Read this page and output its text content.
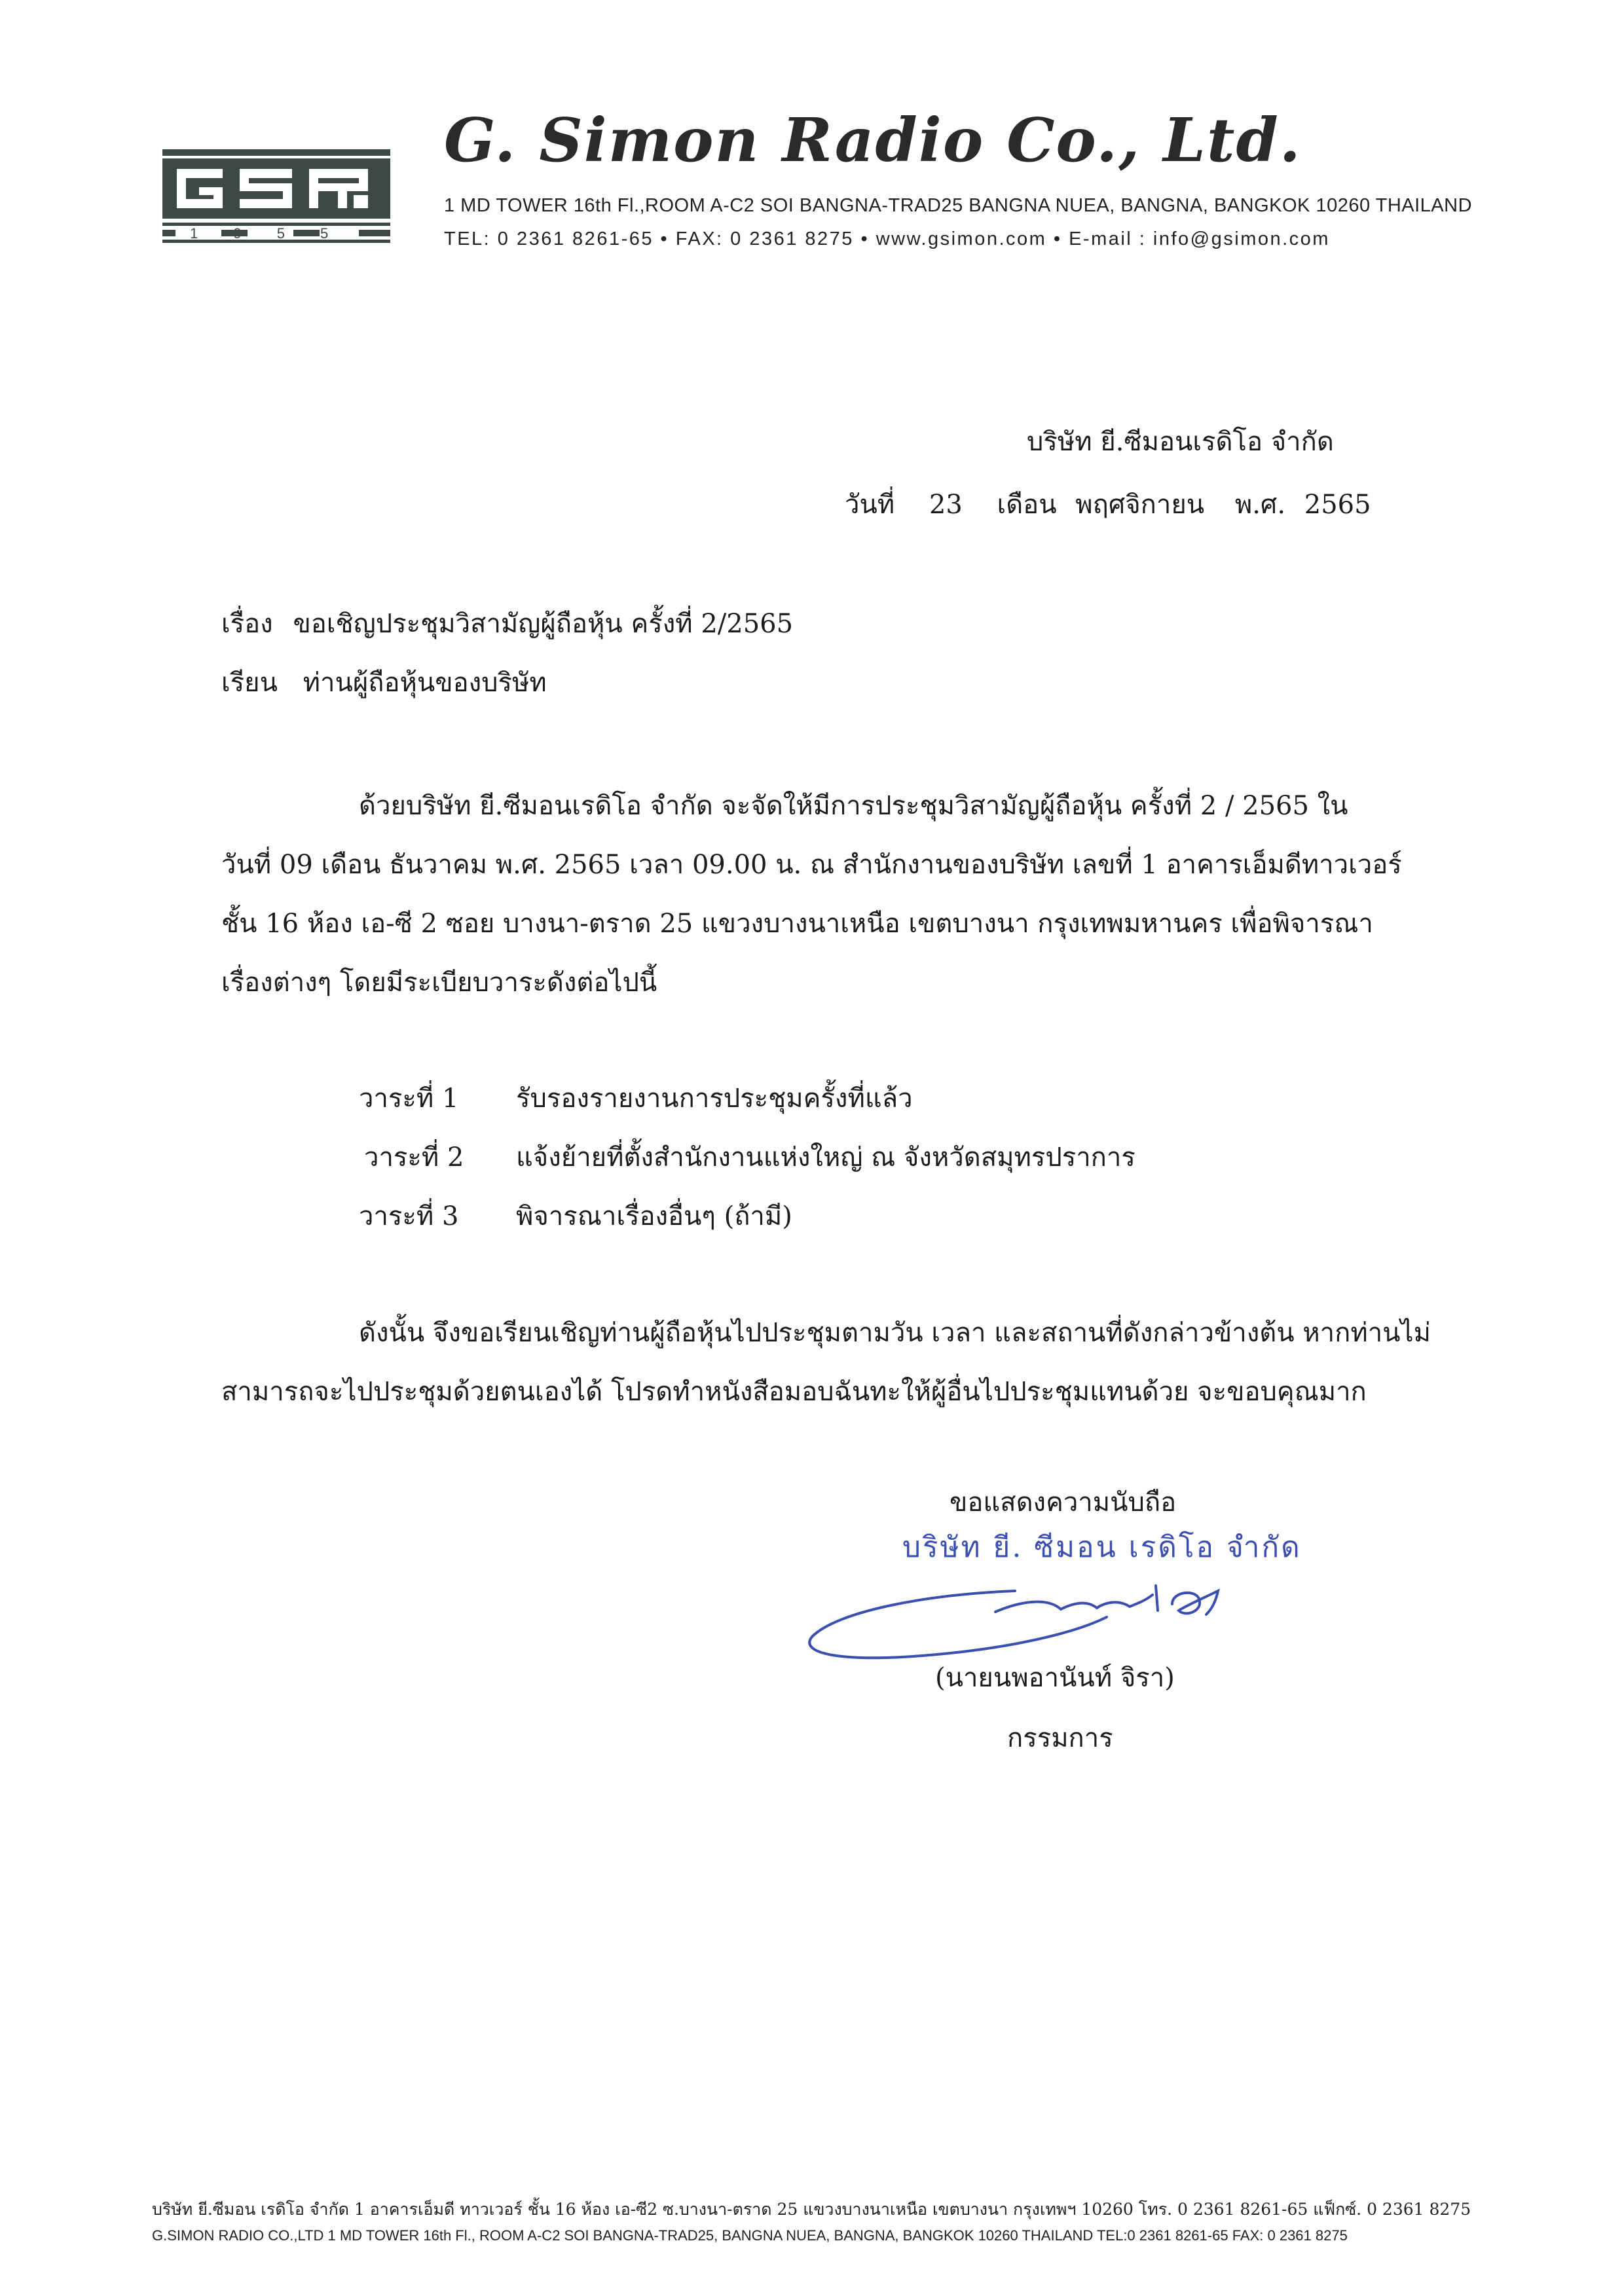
1 9 5 5
G. Simon Radio Co., Ltd.
1 MD TOWER 16th Fl.,ROOM A-C2 SOI BANGNA-TRAD25 BANGNA NUEA, BANGNA, BANGKOK 10260 THAILAND
TEL: 0 2361 8261-65 • FAX: 0 2361 8275 • www.gsimon.com • E-mail : info@gsimon.com
บริษัท ยี.ซีมอนเรดิโอ จำกัด
วันที่ 23 เดือน พฤศจิกายน พ.ศ. 2565
เรื่อง ขอเชิญประชุมวิสามัญผู้ถือหุ้น ครั้งที่ 2/2565
เรียน ท่านผู้ถือหุ้นของบริษัท
ด้วยบริษัท ยี.ซีมอนเรดิโอ จำกัด จะจัดให้มีการประชุมวิสามัญผู้ถือหุ้น ครั้งที่ 2 / 2565 ใน
วันที่ 09 เดือน ธันวาคม พ.ศ. 2565 เวลา 09.00 น. ณ สำนักงานของบริษัท เลขที่ 1 อาคารเอ็มดีทาวเวอร์
ชั้น 16 ห้อง เอ-ซี 2 ซอย บางนา-ตราด 25 แขวงบางนาเหนือ เขตบางนา กรุงเทพมหานคร เพื่อพิจารณา
เรื่องต่างๆ โดยมีระเบียบวาระดังต่อไปนี้
วาระที่ 1 รับรองรายงานการประชุมครั้งที่แล้ว
วาระที่ 2 แจ้งย้ายที่ตั้งสำนักงานแห่งใหญ่ ณ จังหวัดสมุทรปราการ
วาระที่ 3 พิจารณาเรื่องอื่นๆ (ถ้ามี)
ดังนั้น จึงขอเรียนเชิญท่านผู้ถือหุ้นไปประชุมตามวัน เวลา และสถานที่ดังกล่าวข้างต้น หากท่านไม่
สามารถจะไปประชุมด้วยตนเองได้ โปรดทำหนังสือมอบฉันทะให้ผู้อื่นไปประชุมแทนด้วย จะขอบคุณมาก
ขอแสดงความนับถือ
บริษัท ยี. ซีมอน เรดิโอ จำกัด
(นายนพอานันท์ จิรา)
กรรมการ
บริษัท ยี.ซีมอน เรดิโอ จำกัด 1 อาคารเอ็มดี ทาวเวอร์ ชั้น 16 ห้อง เอ-ซี2 ซ.บางนา-ตราด 25 แขวงบางนาเหนือ เขตบางนา กรุงเทพฯ 10260 โทร. 0 2361 8261-65 แฟ็กซ์. 0 2361 8275
G.SIMON RADIO CO.,LTD 1 MD TOWER 16th Fl., ROOM A-C2 SOI BANGNA-TRAD25, BANGNA NUEA, BANGNA, BANGKOK 10260 THAILAND TEL:0 2361 8261-65 FAX: 0 2361 8275
